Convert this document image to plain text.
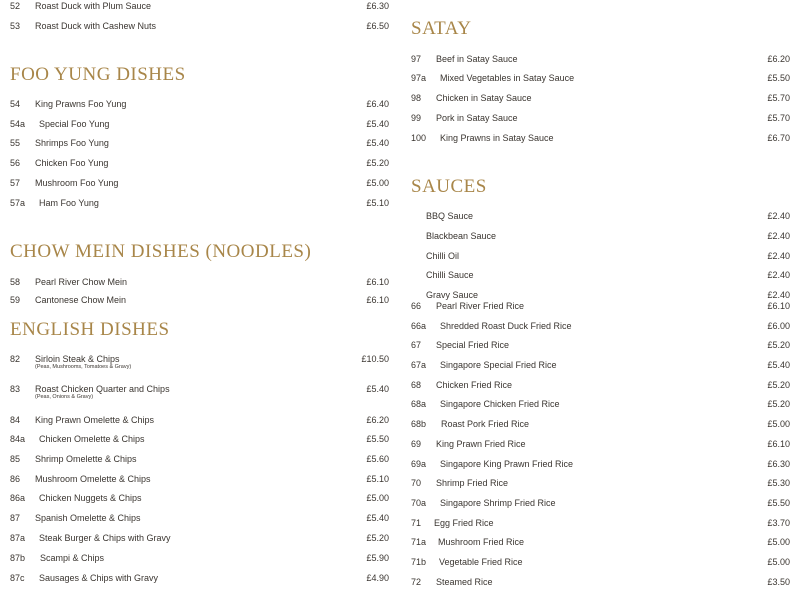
52 Roast Duck with Plum Sauce	£6.30
53 Roast Duck with Cashew Nuts	£6.50
FOO YUNG DISHES
54 King Prawns Foo Yung	£6.40
54a Special Foo Yung	£5.40
55 Shrimps Foo Yung	£5.40
56 Chicken Foo Yung	£5.20
57 Mushroom Foo Yung	£5.00
57a Ham Foo Yung	£5.10
CHOW MEIN DISHES (NOODLES)
58 Pearl River Chow Mein	£6.10
59 Cantonese Chow Mein	£6.10
ENGLISH DISHES
82 Sirloin Steak & Chips
(Peas, Mushrooms, Tomatoes & Gravy)
£10.50
83 Roast Chicken Quarter and Chips
(Peas, Onions & Gravy)
£5.40
84 King Prawn Omelette & Chips	£6.20
84a Chicken Omelette & Chips	£5.50
85 Shrimp Omelette & Chips	£5.60
86 Mushroom Omelette & Chips	£5.10
86a Chicken Nuggets & Chips	£5.00
87 Spanish Omelette & Chips	£5.40
87a Steak Burger & Chips with Gravy	£5.20
87b Scampi & Chips	£5.90
87c Sausages & Chips with Gravy	£4.90
SATAY
97 Beef in Satay Sauce	£6.20
97a Mixed Vegetables in Satay Sauce	£5.50
98 Chicken in Satay Sauce	£5.70
99 Pork in Satay Sauce	£5.70
100 King Prawns in Satay Sauce	£6.70
SAUCES
BBQ Sauce	£2.40
Blackbean Sauce	£2.40
Chilli Oil	£2.40
Chilli Sauce	£2.40
Gravy Sauce	£2.40
66 Pearl River Fried Rice	£6.10
66a Shredded Roast Duck Fried Rice	£6.00
67 Special Fried Rice	£5.20
67a Singapore Special Fried Rice	£5.40
68 Chicken Fried Rice	£5.20
68a Singapore Chicken Fried Rice	£5.20
68b Roast Pork Fried Rice	£5.00
69 King Prawn Fried Rice	£6.10
69a Singapore King Prawn Fried Rice	£6.30
70 Shrimp Fried Rice	£5.30
70a Singapore Shrimp Fried Rice	£5.50
71 Egg Fried Rice	£3.70
71a Mushroom Fried Rice	£5.00
71b Vegetable Fried Rice	£5.00
72 Steamed Rice	£3.50
